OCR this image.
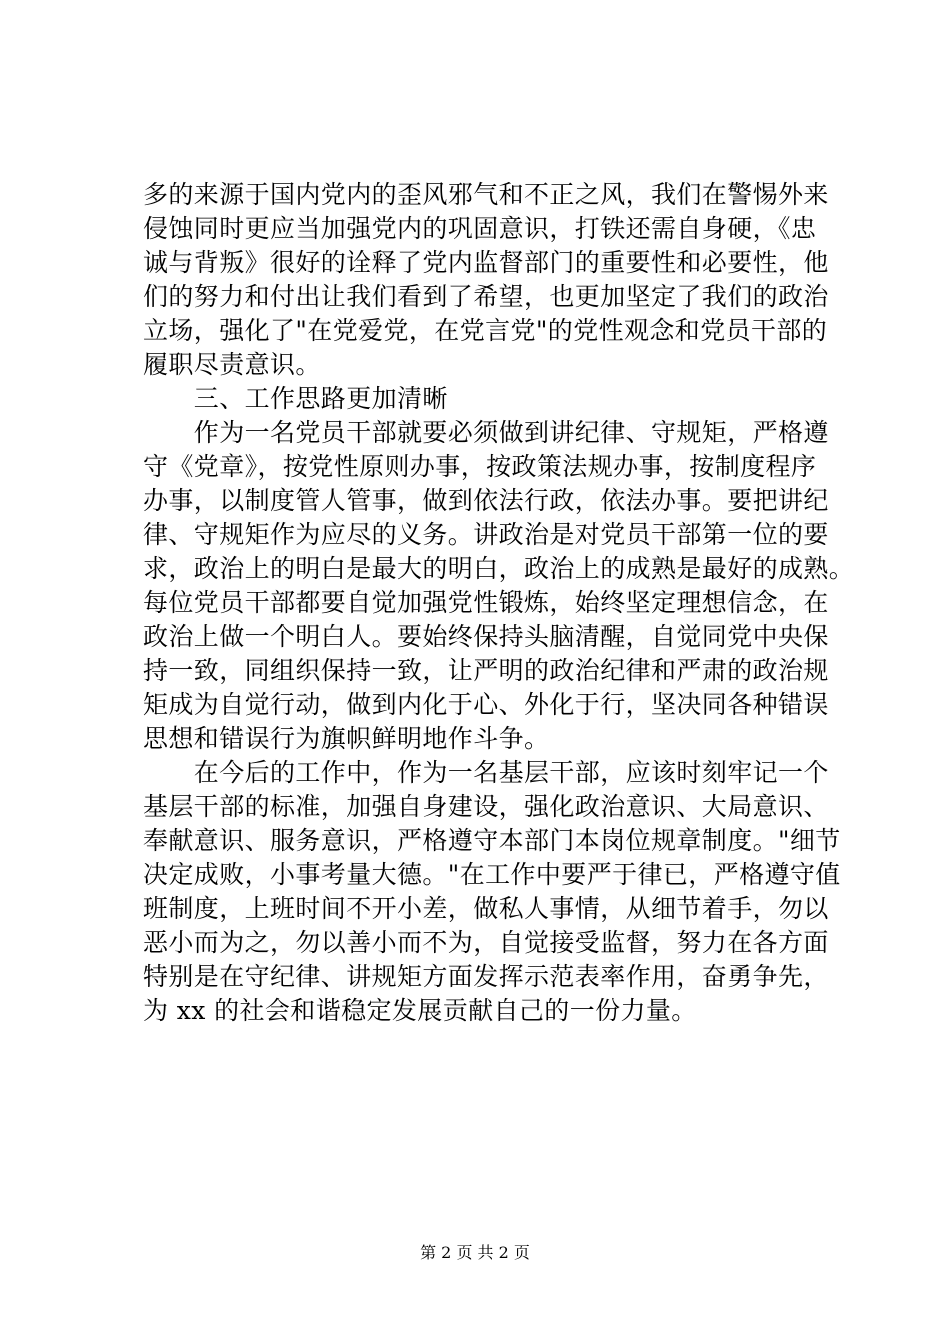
多的来源于国内党内的歪风邪气和不正之风，我们在警惕外来
侵蚀同时更应当加强党内的巩固意识，打铁还需自身硬，《忠
诚与背叛》很好的诠释了党内监督部门的重要性和必要性，他
们的努力和付出让我们看到了希望，也更加坚定了我们的政治
立场，强化了"在党爱党，在党言党"的党性观念和党员干部的
履职尽责意识。
　　三、工作思路更加清晰
　　作为一名党员干部就要必须做到讲纪律、守规矩，严格遵
守《党章》，按党性原则办事，按政策法规办事，按制度程序
办事，以制度管人管事，做到依法行政，依法办事。要把讲纪
律、守规矩作为应尽的义务。讲政治是对党员干部第一位的要
求，政治上的明白是最大的明白，政治上的成熟是最好的成熟。
每位党员干部都要自觉加强党性锻炼，始终坚定理想信念，在
政治上做一个明白人。要始终保持头脑清醒，自觉同党中央保
持一致，同组织保持一致，让严明的政治纪律和严肃的政治规
矩成为自觉行动，做到内化于心、外化于行，坚决同各种错误
思想和错误行为旗帜鲜明地作斗争。
　　在今后的工作中，作为一名基层干部，应该时刻牢记一个
基层干部的标准，加强自身建设，强化政治意识、大局意识、
奉献意识、服务意识，严格遵守本部门本岗位规章制度。"细节
决定成败，小事考量大德。"在工作中要严于律已，严格遵守值
班制度，上班时间不开小差，做私人事情，从细节着手，勿以
恶小而为之，勿以善小而不为，自觉接受监督，努力在各方面
特别是在守纪律、讲规矩方面发挥示范表率作用，奋勇争先，
为 xx 的社会和谐稳定发展贡献自己的一份力量。
第 2 页 共 2 页
